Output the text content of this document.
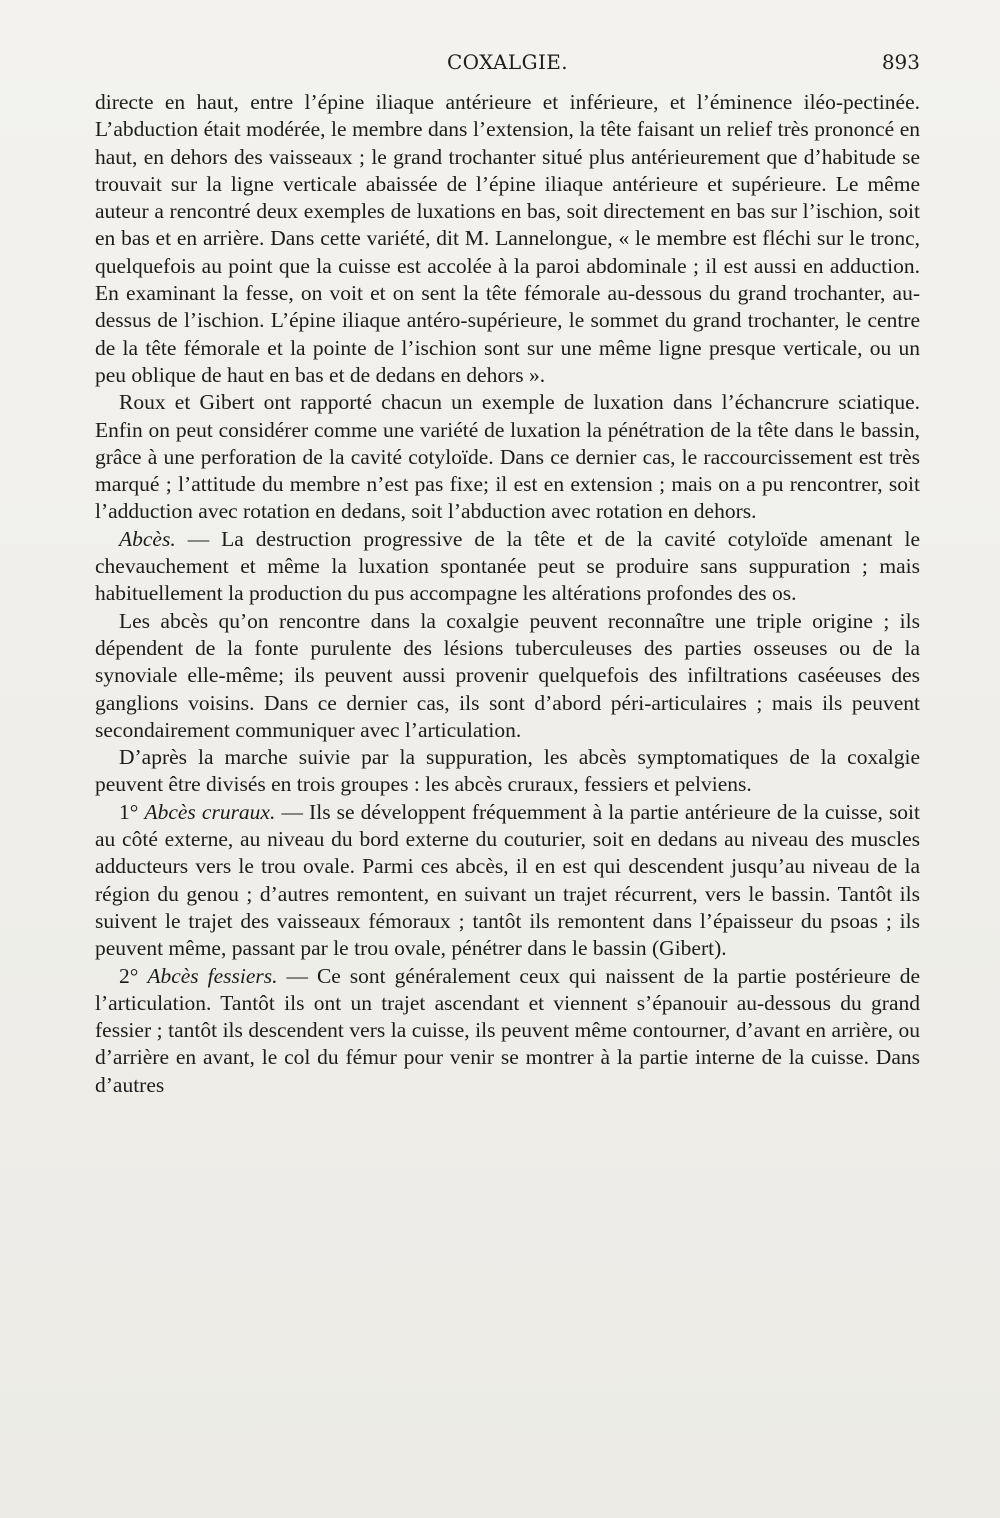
COXALGIE.	893

directe en haut, entre l’épine iliaque antérieure et inférieure, et l’éminence iléo-pectinée. L’abduction était modérée, le membre dans l’extension, la tête faisant un relief très prononcé en haut, en dehors des vaisseaux ; le grand trochanter situé plus antérieurement que d’habitude se trouvait sur la ligne verticale abaissée de l’épine iliaque antérieure et supérieure. Le même auteur a rencontré deux exemples de luxations en bas, soit directement en bas sur l’ischion, soit en bas et en arrière. Dans cette variété, dit M. Lannelongue, « le membre est fléchi sur le tronc, quelquefois au point que la cuisse est accolée à la paroi abdominale ; il est aussi en adduction. En examinant la fesse, on voit et on sent la tête fémorale au-dessous du grand trochanter, au-dessus de l’ischion. L’épine iliaque antéro-supérieure, le sommet du grand trochanter, le centre de la tête fémorale et la pointe de l’ischion sont sur une même ligne presque verticale, ou un peu oblique de haut en bas et de dedans en dehors ».

Roux et Gibert ont rapporté chacun un exemple de luxation dans l’échancrure sciatique. Enfin on peut considérer comme une variété de luxation la pénétration de la tête dans le bassin, grâce à une perforation de la cavité cotyloïde. Dans ce dernier cas, le raccourcissement est très marqué ; l’attitude du membre n’est pas fixe; il est en extension ; mais on a pu rencontrer, soit l’adduction avec rotation en dedans, soit l’abduction avec rotation en dehors.

Abcès. — La destruction progressive de la tête et de la cavité cotyloïde amenant le chevauchement et même la luxation spontanée peut se produire sans suppuration ; mais habituellement la production du pus accompagne les altérations profondes des os.

Les abcès qu’on rencontre dans la coxalgie peuvent reconnaître une triple origine ; ils dépendent de la fonte purulente des lésions tuberculeuses des parties osseuses ou de la synoviale elle-même; ils peuvent aussi provenir quelquefois des infiltrations caséeuses des ganglions voisins. Dans ce dernier cas, ils sont d’abord péri-articulaires ; mais ils peuvent secondairement communiquer avec l’articulation.

D’après la marche suivie par la suppuration, les abcès symptomatiques de la coxalgie peuvent être divisés en trois groupes : les abcès cruraux, fessiers et pelviens.

1° Abcès cruraux. — Ils se développent fréquemment à la partie antérieure de la cuisse, soit au côté externe, au niveau du bord externe du couturier, soit en dedans au niveau des muscles adducteurs vers le trou ovale. Parmi ces abcès, il en est qui descendent jusqu’au niveau de la région du genou ; d’autres remontent, en suivant un trajet récurrent, vers le bassin. Tantôt ils suivent le trajet des vaisseaux fémoraux ; tantôt ils remontent dans l’épaisseur du psoas ; ils peuvent même, passant par le trou ovale, pénétrer dans le bassin (Gibert).

2° Abcès fessiers. — Ce sont généralement ceux qui naissent de la partie postérieure de l’articulation. Tantôt ils ont un trajet ascendant et viennent s’épanouir au-dessous du grand fessier ; tantôt ils descendent vers la cuisse, ils peuvent même contourner, d’avant en arrière, ou d’arrière en avant, le col du fémur pour venir se montrer à la partie interne de la cuisse. Dans d’autres
